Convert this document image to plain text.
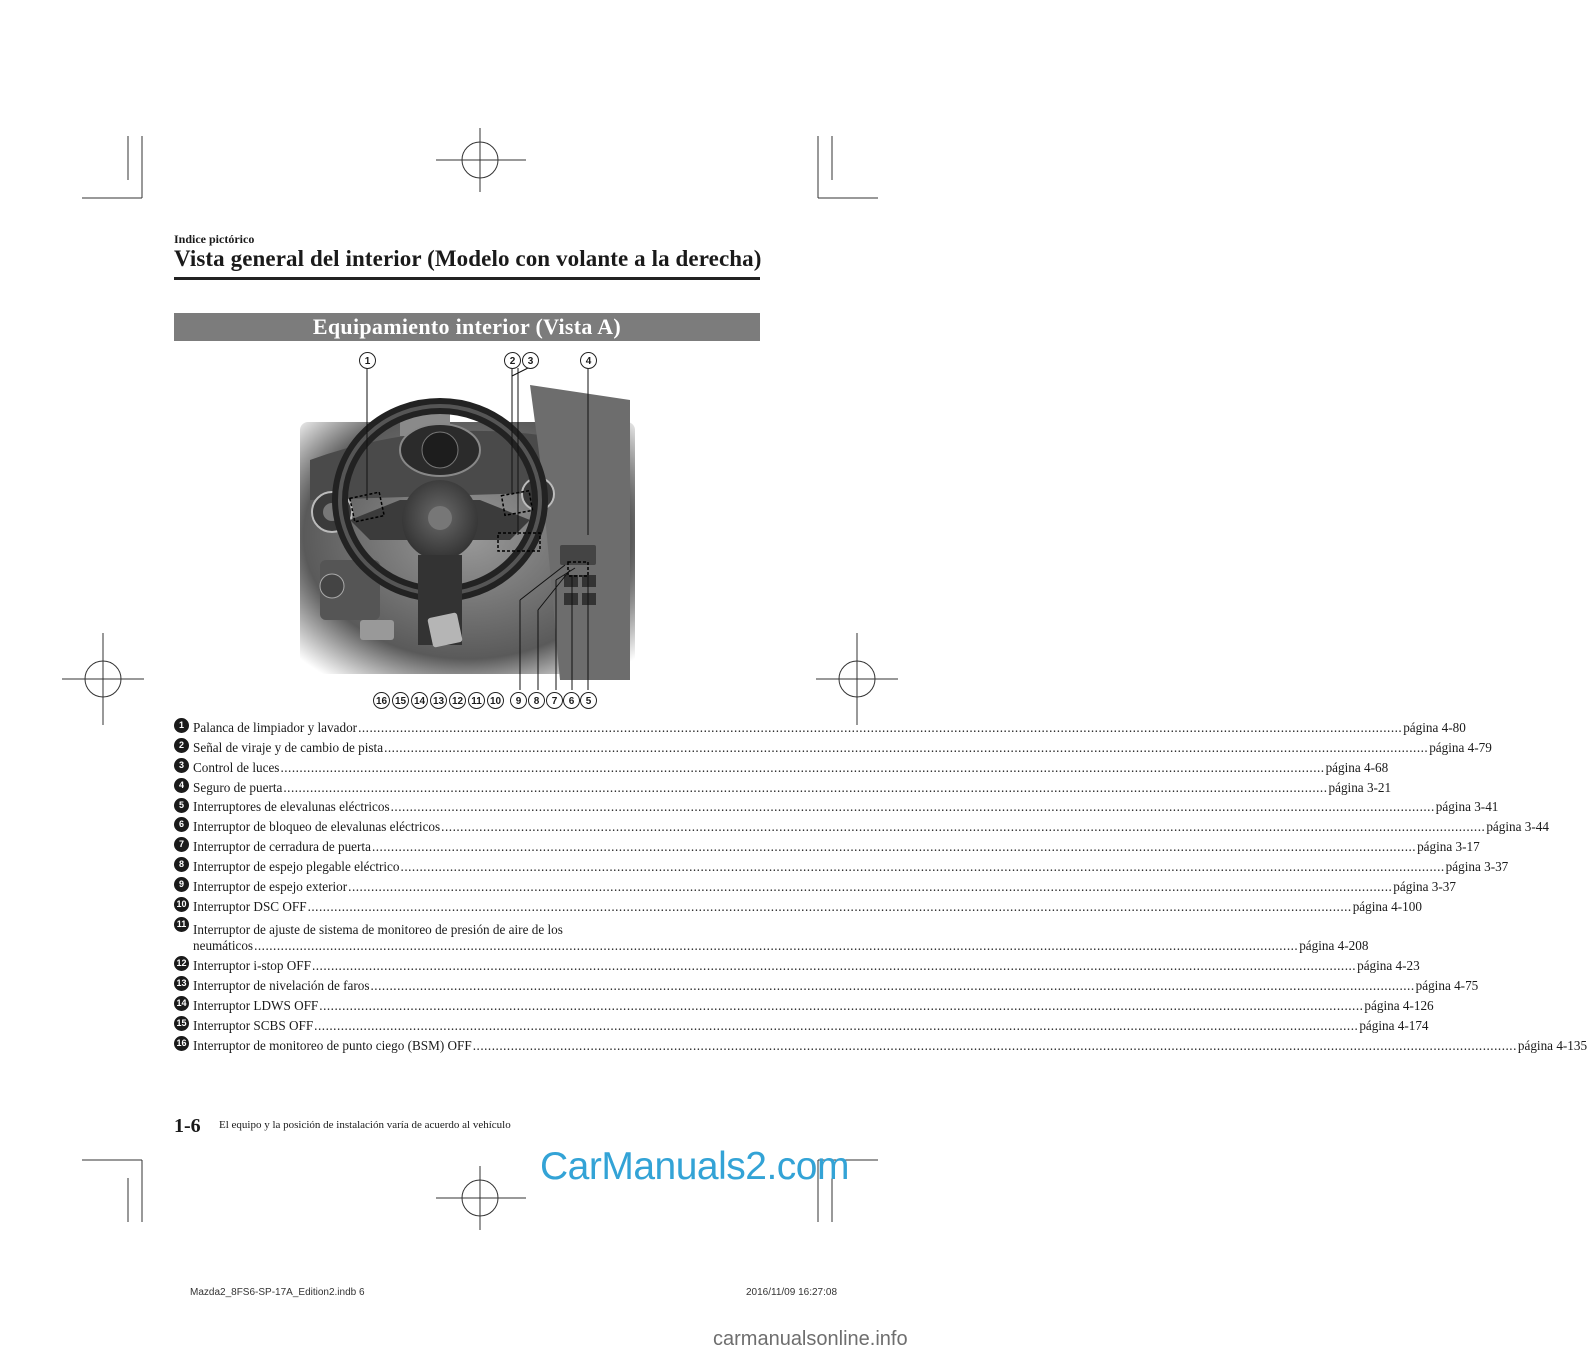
Indice pictórico
Vista general del interior (Modelo con volante a la derecha)
Equipamiento interior (Vista A)
1	2	3	4
16 15 14 13 12 11 10	9	8	7	6	5
1 Palanca de limpiador y lavador .....	página 4-80
2 Señal de viraje y de cambio de pista .....	página 4-79
3 Control de luces .....	página 4-68
4 Seguro de puerta .....	página 3-21
5 Interruptores de elevalunas eléctricos .....	página 3-41
6 Interruptor de bloqueo de elevalunas eléctricos .....	página 3-44
7 Interruptor de cerradura de puerta .....	página 3-17
8 Interruptor de espejo plegable eléctrico .....	página 3-37
9 Interruptor de espejo exterior .....	página 3-37
10 Interruptor DSC OFF .....	página 4-100
11 Interruptor de ajuste de sistema de monitoreo de presión de aire de los
neumáticos .....	página 4-208
12 Interruptor i-stop OFF .....	página 4-23
13 Interruptor de nivelación de faros .....	página 4-75
14 Interruptor LDWS OFF .....	página 4-126
15 Interruptor SCBS OFF .....	página 4-174
16 Interruptor de monitoreo de punto ciego (BSM) OFF .....	página 4-135
1-6 El equipo y la posición de instalación varía de acuerdo al vehículo
CarManuals2.com
Mazda2_8FS6-SP-17A_Edition2.indb 6	2016/11/09 16:27:08
carmanualsonline.info
